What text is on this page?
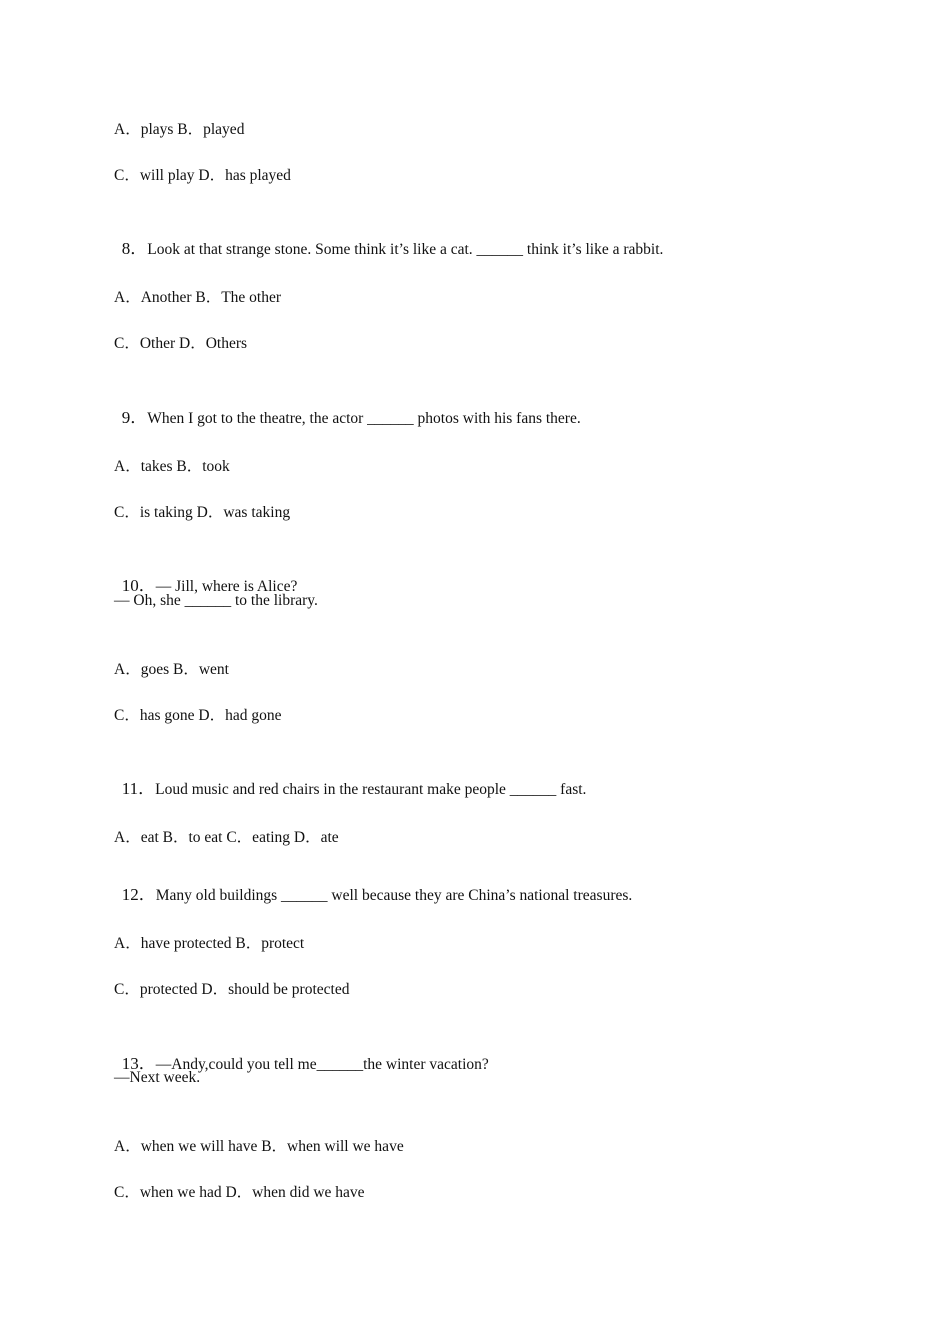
A．plays B．played
C．will play D．has played

8．Look at that strange stone. Some think it’s like a cat. ______ think it’s like a rabbit.

A．Another B．The other
C．Other D．Others

9．When I got to the theatre, the actor ______ photos with his fans there.

A．takes B．took
C．is taking D．was taking

10．— Jill, where is Alice?

— Oh, she ______ to the library.
A．goes B．went
C．has gone D．had gone

11．Loud music and red chairs in the restaurant make people ______ fast.

A．eat B．to eat C．eating D．ate

12．Many old buildings ______ well because they are China’s national treasures.

A．have protected B．protect
C．protected D．should be protected

13．—Andy,could you tell me______the winter vacation?

—Next week.
A．when we will have B．when will we have
C．when we had D．when did we have
